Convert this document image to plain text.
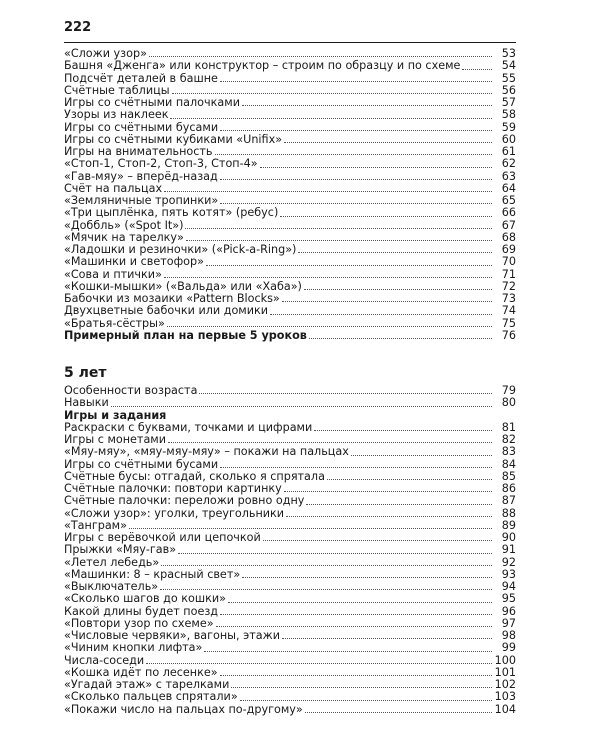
222
«Сложи узор»	53
Башня «Дженга» или конструктор – строим по образцу и по схеме	54
Подсчёт деталей в башне	55
Счётные таблицы	56
Игры со счётными палочками	57
Узоры из наклеек	58
Игры со счётными бусами	59
Игры со счётными кубиками «Unifix»	60
Игры на внимательность	61
«Стоп-1, Стоп-2, Стоп-3, Стоп-4»	62
«Гав-мяу» – вперёд-назад	63
Счёт на пальцах	64
«Земляничные тропинки»	65
«Три цыплёнка, пять котят» (ребус)	66
«Доббль» («Spot It»)	67
«Мячик на тарелку»	68
«Ладошки и резиночки» («Pick-a-Ring»)	69
«Машинки и светофор»	70
«Сова и птички»	71
«Кошки-мышки» («Вальда» или «Хаба»)	72
Бабочки из мозаики «Pattern Blocks»	73
Двухцветные бабочки или домики	74
«Братья-сёстры»	75
Примерный план на первые 5 уроков	76
5 лет
Особенности возраста	79
Навыки	80
Игры и задания
Раскраски с буквами, точками и цифрами	81
Игры с монетами	82
«Мяу-мяу», «мяу-мяу-мяу» – покажи на пальцах	83
Игры со счётными бусами	84
Счётные бусы: отгадай, сколько я спрятала	85
Счётные палочки: повтори картинку	86
Счётные палочки: переложи ровно одну	87
«Сложи узор»: уголки, треугольники	88
«Танграм»	89
Игры с верёвочкой или цепочкой	90
Прыжки «Мяу-гав»	91
«Летел лебедь»	92
«Машинки: 8 – красный свет»	93
«Выключатель»	94
«Сколько шагов до кошки»	95
Какой длины будет поезд	96
«Повтори узор по схеме»	97
«Числовые червяки», вагоны, этажи	98
«Чиним кнопки лифта»	99
Числа-соседи	100
«Кошка идёт по лесенке»	101
«Угадай этаж» с тарелками	102
«Сколько пальцев спрятали»	103
«Покажи число на пальцах по-другому»	104
